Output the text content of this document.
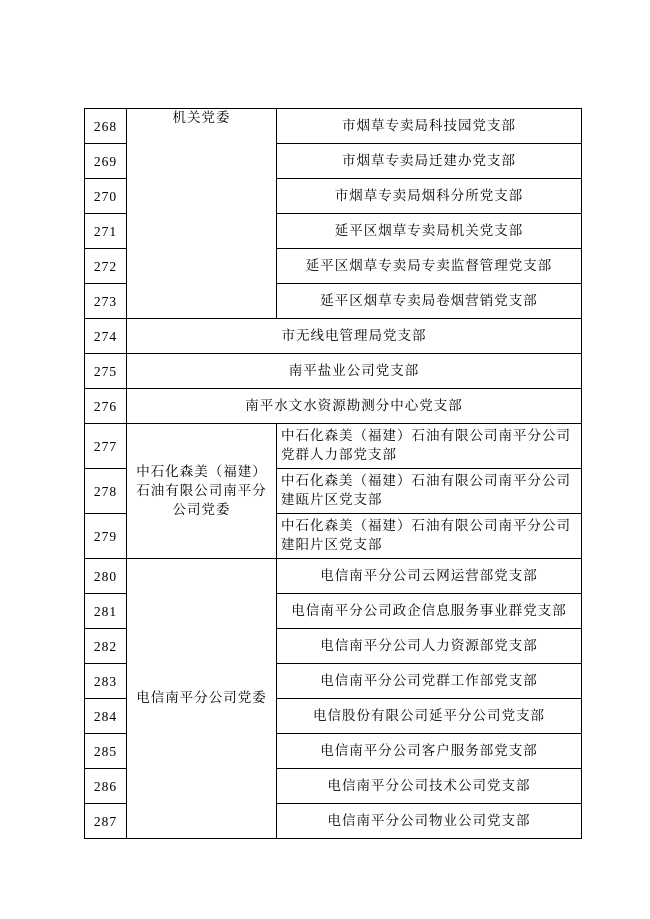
268	机关党委	市烟草专卖局科技园党支部
269		市烟草专卖局迁建办党支部
270		市烟草专卖局烟科分所党支部
271		延平区烟草专卖局机关党支部
272		延平区烟草专卖局专卖监督管理党支部
273		延平区烟草专卖局卷烟营销党支部
274	市无线电管理局党支部	
275	南平盐业公司党支部	
276	南平水文水资源勘测分中心党支部	
277	中石化森美（福建）石油有限公司南平分公司党委	中石化森美（福建）石油有限公司南平分公司党群人力部党支部
278		中石化森美（福建）石油有限公司南平分公司建瓯片区党支部
279		中石化森美（福建）石油有限公司南平分公司建阳片区党支部
280	电信南平分公司党委	电信南平分公司云网运营部党支部
281		电信南平分公司政企信息服务事业群党支部
282		电信南平分公司人力资源部党支部
283		电信南平分公司党群工作部党支部
284		电信股份有限公司延平分公司党支部
285		电信南平分公司客户服务部党支部
286		电信南平分公司技术公司党支部
287		电信南平分公司物业公司党支部
